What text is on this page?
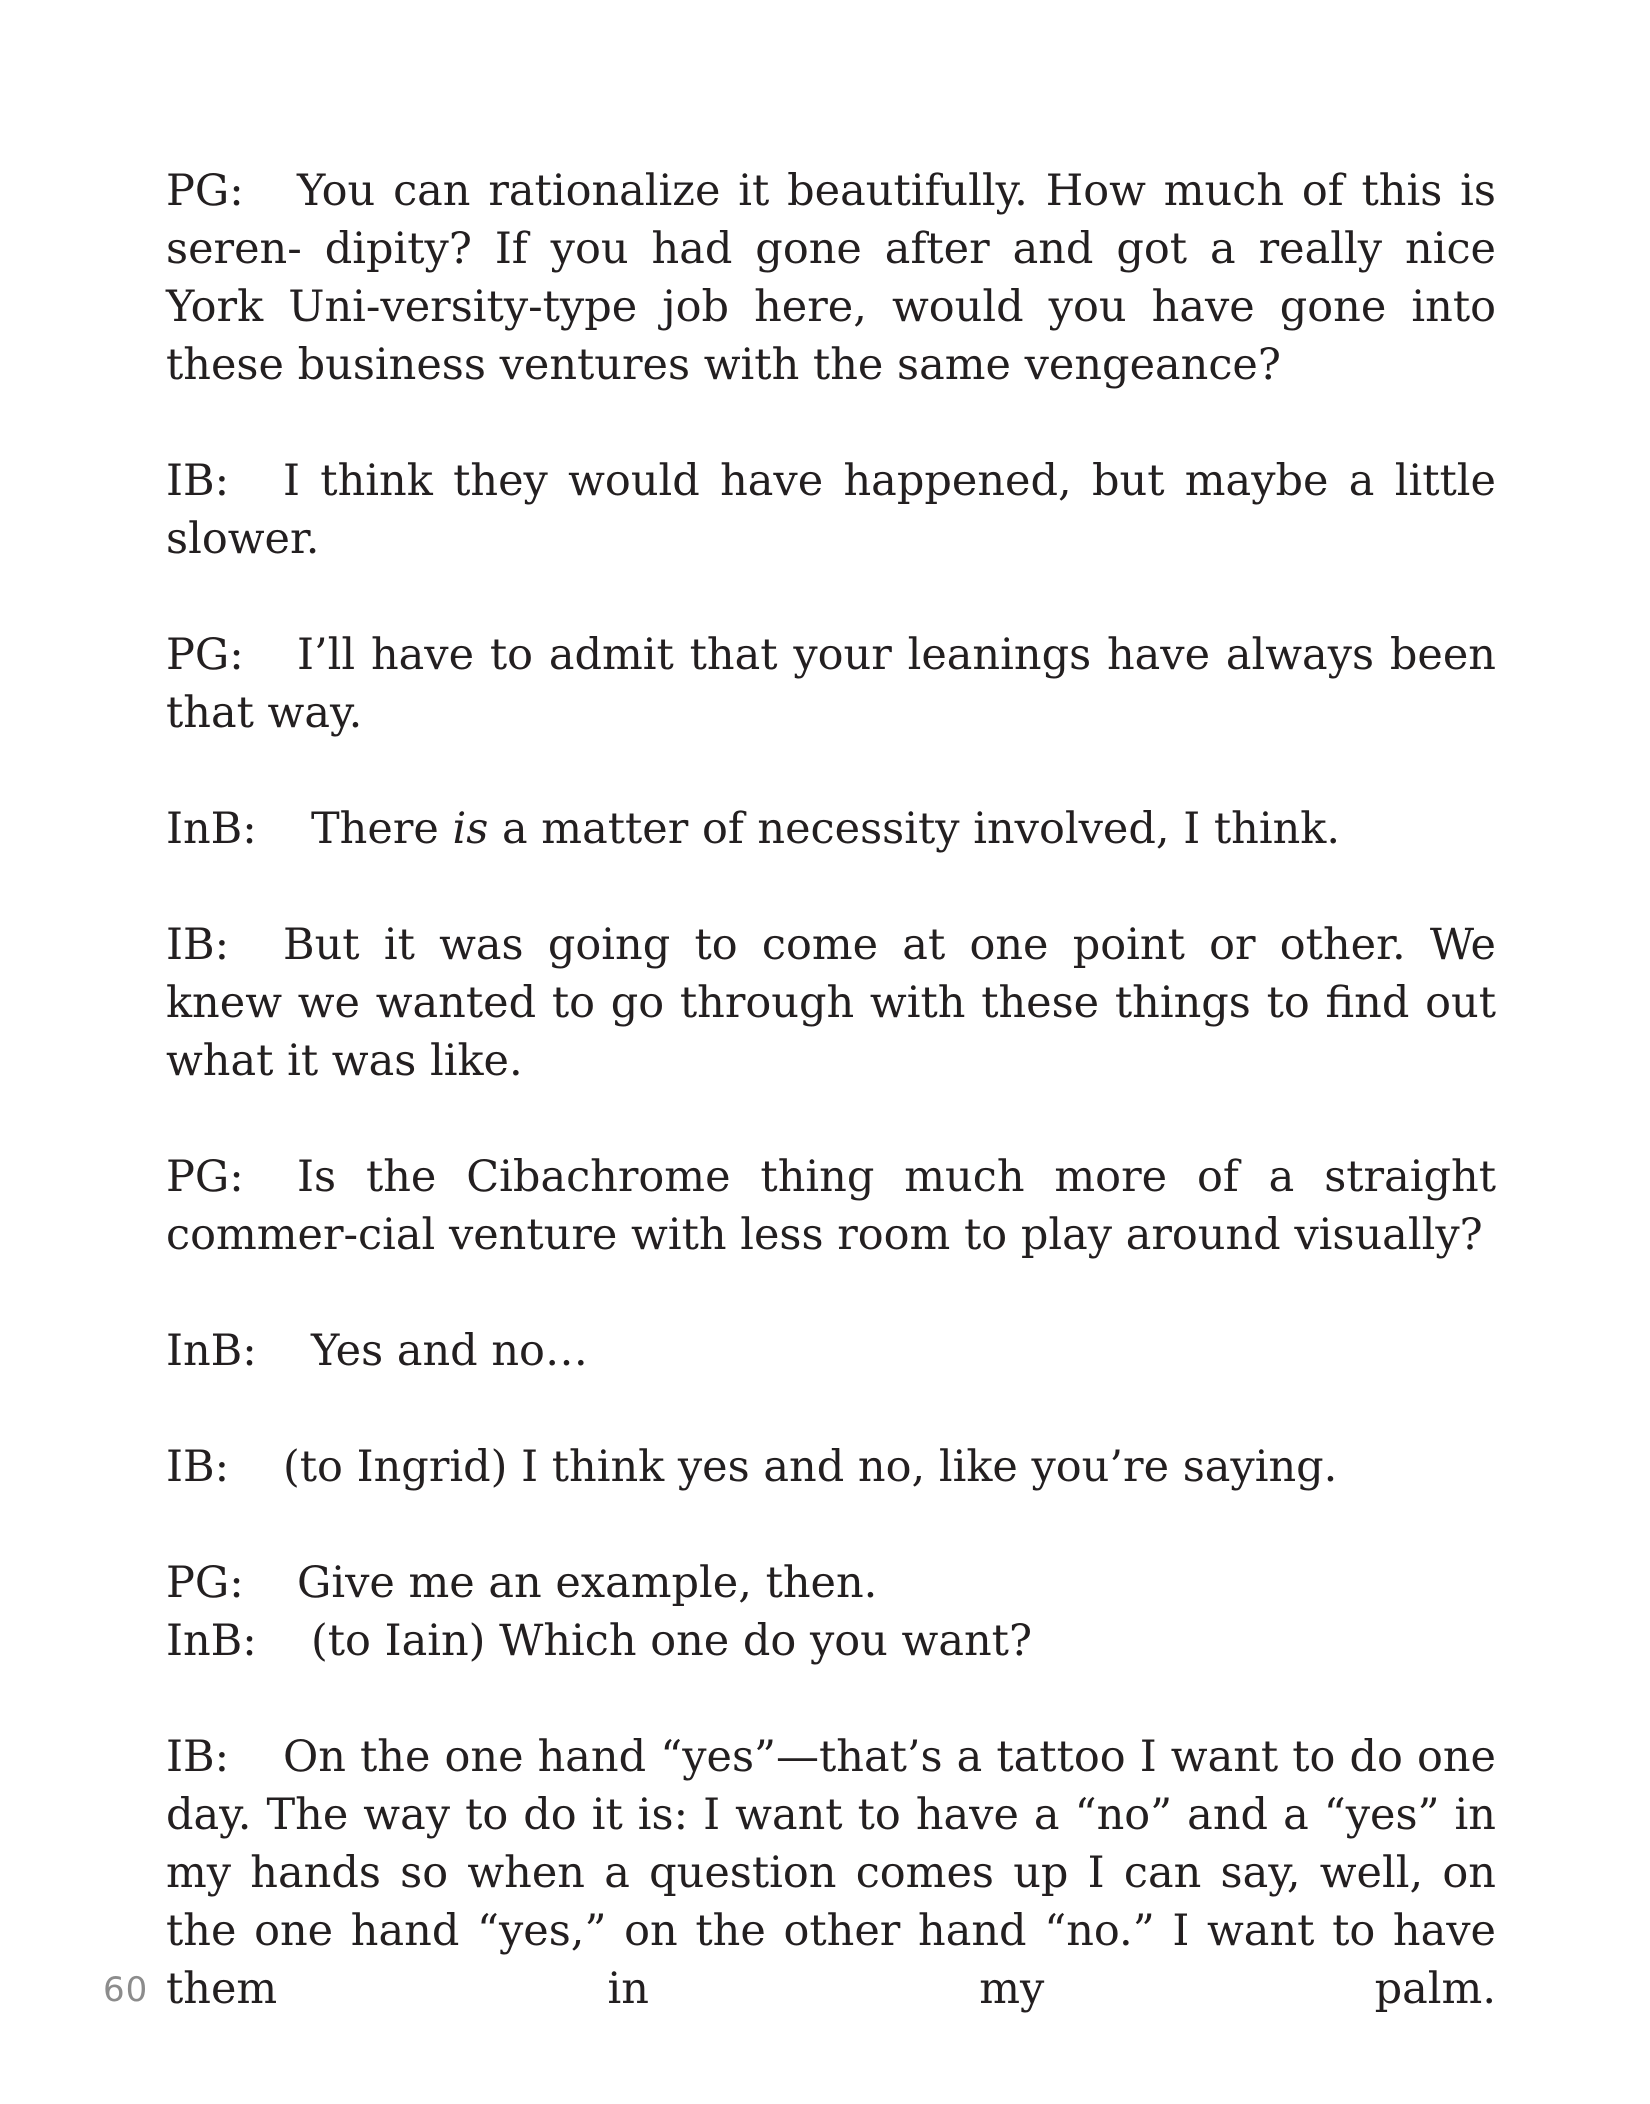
PG: You can rationalize it beautifully. How much of this is seren- dipity? If you had gone after and got a really nice York Uni-versity-type job here, would you have gone into these business ventures with the same vengeance?

IB: I think they would have happened, but maybe a little slower.

PG: I’ll have to admit that your leanings have always been that way.

InB: There is a matter of necessity involved, I think.

IB: But it was going to come at one point or other. We knew we wanted to go through with these things to find out what it was like.

PG: Is the Cibachrome thing much more of a straight commer-cial venture with less room to play around visually?

InB: Yes and no…

IB: (to Ingrid) I think yes and no, like you’re saying.

PG: Give me an example, then.

InB: (to Iain) Which one do you want?

IB: On the one hand “yes”—that’s a tattoo I want to do one day. The way to do it is: I want to have a “no” and a “yes” in my hands so when a question comes up I can say, well, on the one hand “yes,” on the other hand “no.” I want to have them in my palm.

60
